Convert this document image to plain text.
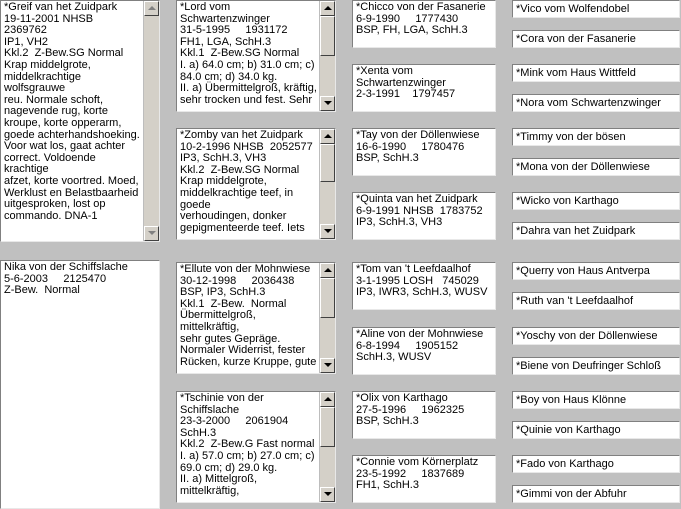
*Greif van het Zuidpark
19-11-2001 NHSB  2369762
IP1, VH2
Kkl.2  Z-Bew.SG Normal
Krap middelgrote,
middelkrachtige wolfsgrauwe
reu. Normale schoft,
nagevende rug, korte
kroupe, korte opperarm,
goede achterhandshoeking.
Voor wat los, gaat achter
correct. Voldoende krachtige
afzet, korte voortred. Moed,
Werklust en Belastbaarheid
uitgesproken, lost op
commando. DNA-1
*Lord vom Schwartenzwinger
31-5-1995     1931172
FH1, LGA, SchH.3
Kkl.1  Z-Bew.SG Normal
I. a) 64.0 cm; b) 31.0 cm; c)
84.0 cm; d) 34.0 kg.
II. a) Übermittelgroß, kräftig,
sehr trocken und fest. Sehr
*Zomby van het Zuidpark
10-2-1996 NHSB  2052577
IP3, SchH.3, VH3
Kkl.2  Z-Bew.SG Normal
Krap middelgrote,
middelkrachtige teef, in goede
verhoudingen, donker
gepigmenteerde teef. Iets
*Chicco von der Fasanerie
6-9-1990     1777430
BSP, FH, LGA, SchH.3
*Xenta vom
Schwartenzwinger
2-3-1991    1797457
*Tay von der Döllenwiese
16-6-1990     1780476
BSP, SchH.3
*Quinta van het Zuidpark
6-9-1991 NHSB  1783752
IP3, SchH.3, VH3
*Vico vom Wolfendobel
*Cora von der Fasanerie
*Mink vom Haus Wittfeld
*Nora vom Schwartenzwinger
*Timmy von der bösen
*Mona von der Döllenwiese
*Wicko von Karthago
*Dahra van het Zuidpark
Nika von der Schiffslache
5-6-2003     2125470
Z-Bew.  Normal
*Ellute von der Mohnwiese
30-12-1998     2036438
BSP, IP3, SchH.3
Kkl.1  Z-Bew.  Normal
Übermittelgroß, mittelkräftig,
sehr gutes Gepräge.
Normaler Widerrist, fester
Rücken, kurze Kruppe, gute
*Tschinie von der
Schiffslache
23-3-2000     2061904
SchH.3
Kkl.2  Z-Bew.G Fast normal
I. a) 57.0 cm; b) 27.0 cm; c)
69.0 cm; d) 29.0 kg.
II. a) Mittelgroß, mittelkräftig,
*Tom van 't Leefdaalhof
3-1-1995 LOSH   745029
IP3, IWR3, SchH.3, WUSV
*Aline von der Mohnwiese
6-8-1994     1905152
SchH.3, WUSV
*Olix von Karthago
27-5-1996     1962325
BSP, SchH.3
*Connie vom Körnerplatz
23-5-1992     1837689
FH1, SchH.3
*Querry von Haus Antverpa
*Ruth van 't Leefdaalhof
*Yoschy von der Döllenwiese
*Biene von Deufringer Schloß
*Boy von Haus Klönne
*Quinie von Karthago
*Fado von Karthago
*Gimmi von der Abfuhr
